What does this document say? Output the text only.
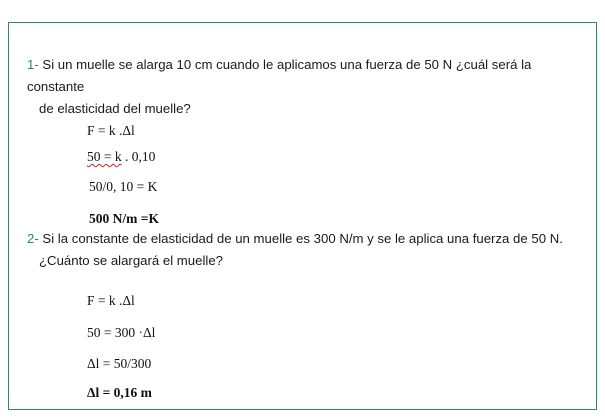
1- Si un muelle se alarga 10 cm cuando le aplicamos una fuerza de 50 N ¿cuál será la constante
de elasticidad del muelle?
F = k .Δl
50 = k . 0,10
50/0, 10 = K
500 N/m =K
2- Si la constante de elasticidad de un muelle es 300 N/m y se le aplica una fuerza de 50 N.
¿Cuánto se alargará el muelle?
F = k .Δl
50 = 300 ·Δl
Δl = 50/300
Δl = 0,16 m
